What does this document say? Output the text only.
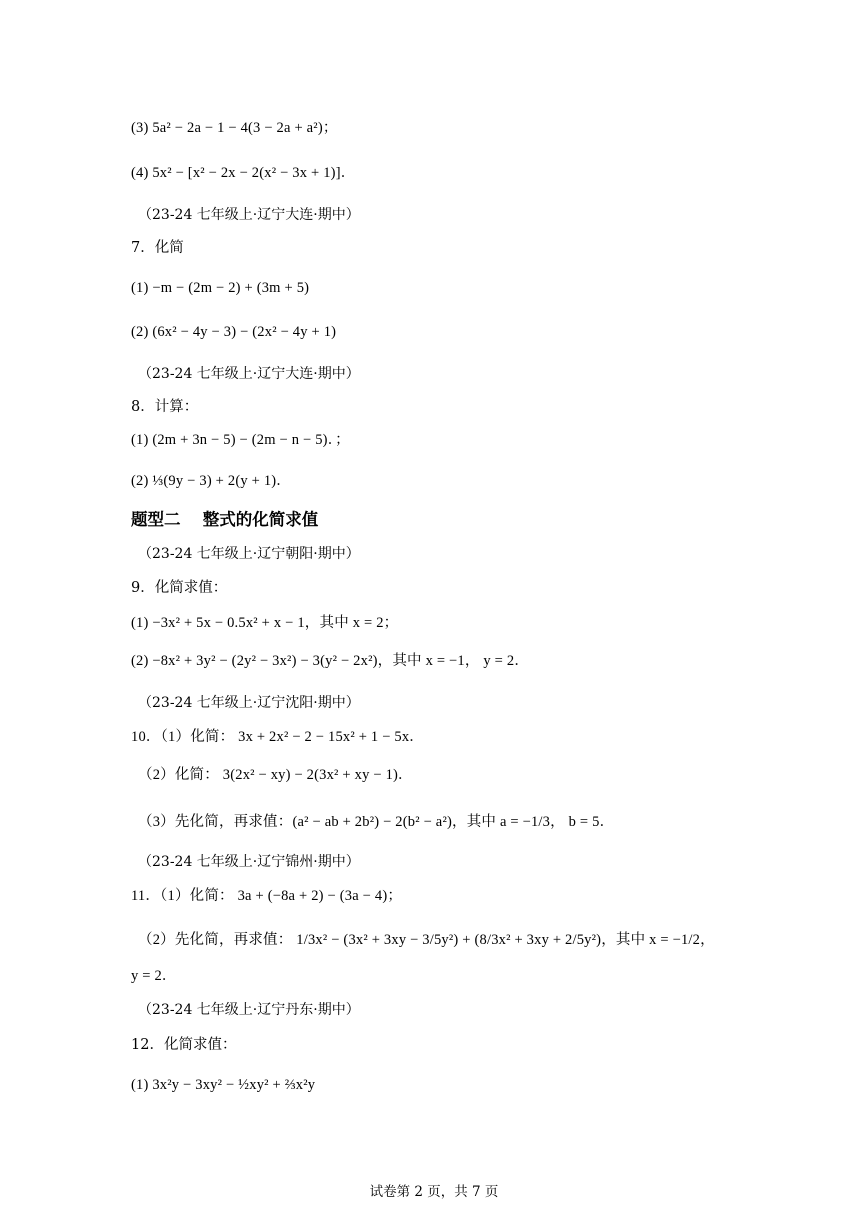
(3) 5a² − 2a − 1 − 4(3 − 2a + a²)；
(4) 5x² − [x² − 2x − 2(x² − 3x + 1)]．
（23-24 七年级上·辽宁大连·期中）
7．化简
(1) −m − (2m − 2) + (3m + 5)
(2) (6x² − 4y − 3) − (2x² − 4y + 1)
（23-24 七年级上·辽宁大连·期中）
8．计算：
(1) (2m + 3n − 5) − (2m − n − 5)．；
(2) ⅓(9y − 3) + 2(y + 1)．
题型二　 整式的化简求值
（23-24 七年级上·辽宁朝阳·期中）
9．化简求值：
(1) −3x² + 5x − 0.5x² + x − 1，其中 x = 2；
(2) −8x² + 3y² − (2y² − 3x²) − 3(y² − 2x²)，其中 x = −1， y = 2．
（23-24 七年级上·辽宁沈阳·期中）
10．（1）化简： 3x + 2x² − 2 − 15x² + 1 − 5x．
（2）化简： 3(2x² − xy) − 2(3x² + xy − 1)．
（3）先化简，再求值：(a² − ab + 2b²) − 2(b² − a²)，其中 a = −1/3， b = 5．
（23-24 七年级上·辽宁锦州·期中）
11．（1）化简： 3a + (−8a + 2) − (3a − 4)；
（2）先化简，再求值： 1/3x² − (3x² + 3xy − 3/5y²) + (8/3x² + 3xy + 2/5y²)，其中 x = −1/2，
y = 2．
（23-24 七年级上·辽宁丹东·期中）
12．化简求值：
(1) 3x²y − 3xy² − ½xy² + ⅔x²y
试卷第 2 页，共 7 页
